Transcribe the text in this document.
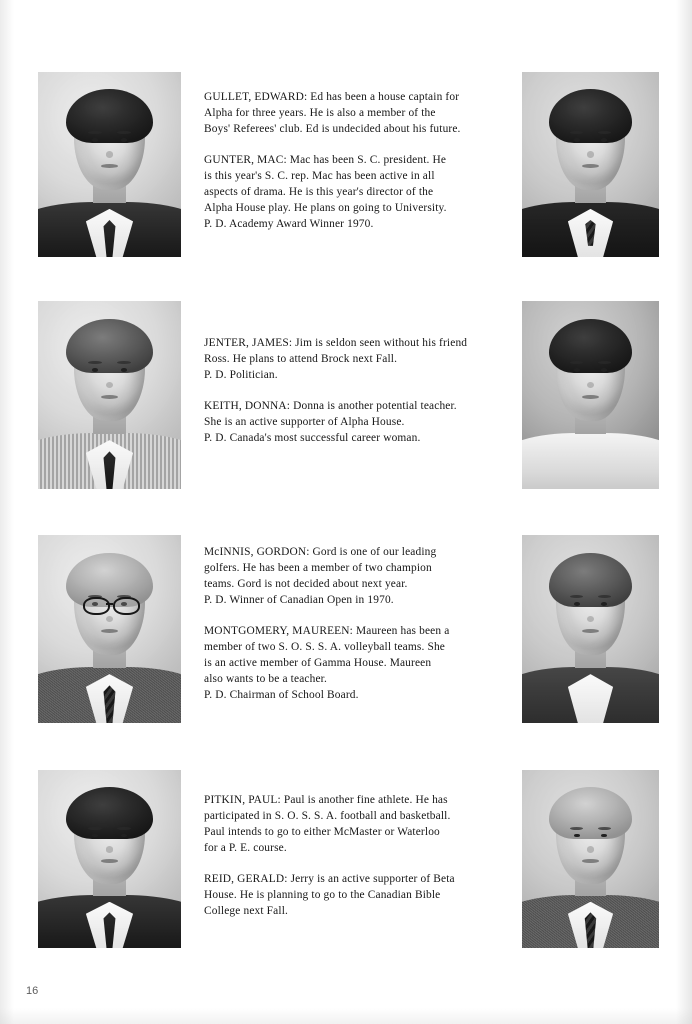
GULLET, EDWARD: Ed has been a house captain for

Alpha for three years. He is also a member of the

Boys' Referees' club. Ed is undecided about his future.

GUNTER, MAC: Mac has been S. C. president. He

is this year's S. C. rep. Mac has been active in all

aspects of drama. He is this year's director of the

Alpha House play. He plans on going to University.

P. D. Academy Award Winner 1970.

JENTER, JAMES: Jim is seldon seen without his friend

Ross. He plans to attend Brock next Fall.

P. D. Politician.

KEITH, DONNA: Donna is another potential teacher.

She is an active supporter of Alpha House.

P. D. Canada's most successful career woman.

McINNIS, GORDON: Gord is one of our leading

golfers. He has been a member of two champion

teams. Gord is not decided about next year.

P. D. Winner of Canadian Open in 1970.

MONTGOMERY, MAUREEN: Maureen has been a

member of two S. O. S. S. A. volleyball teams. She

is an active member of Gamma House. Maureen

also wants to be a teacher.

P. D. Chairman of School Board.

PITKIN, PAUL: Paul is another fine athlete. He has

participated in S. O. S. S. A. football and basketball.

Paul intends to go to either McMaster or Waterloo

for a P. E. course.

REID, GERALD: Jerry is an active supporter of Beta

House. He is planning to go to the Canadian Bible

College next Fall.

16
